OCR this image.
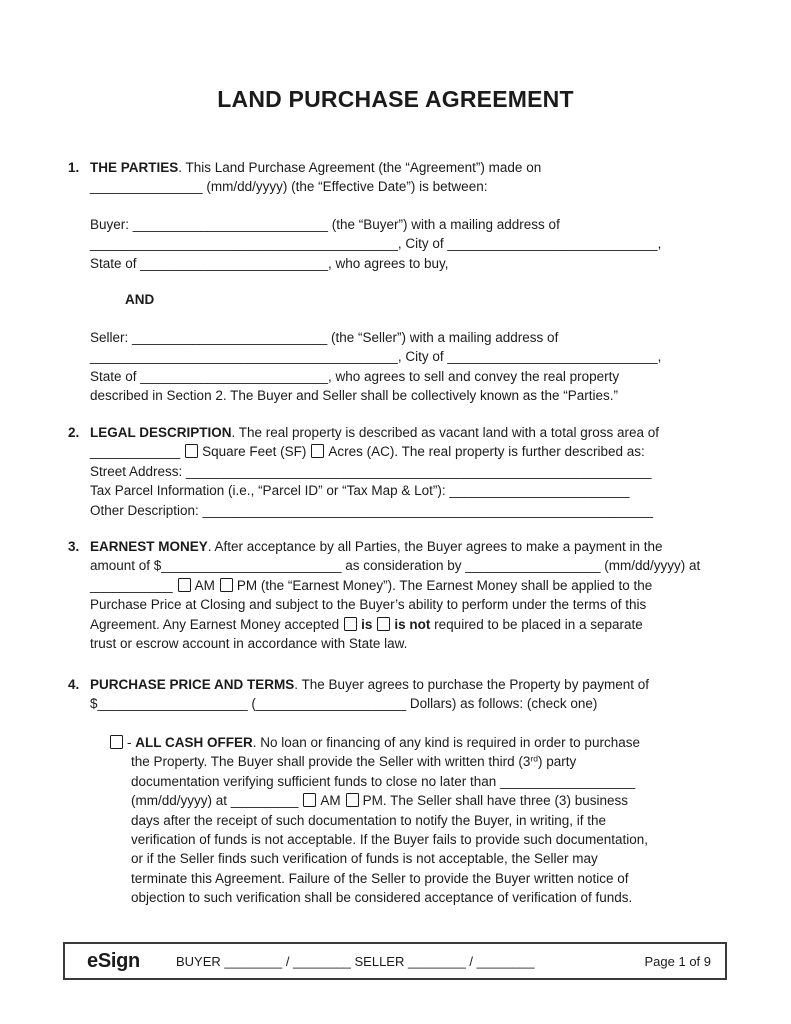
LAND PURCHASE AGREEMENT
1. THE PARTIES. This Land Purchase Agreement (the “Agreement”) made on
_______________ (mm/dd/yyyy) (the “Effective Date”) is between:
Buyer: __________________________ (the “Buyer”) with a mailing address of
_________________________________________, City of ____________________________,
State of _________________________, who agrees to buy,
AND
Seller: __________________________ (the “Seller”) with a mailing address of
_________________________________________, City of ____________________________,
State of _________________________, who agrees to sell and convey the real property
described in Section 2. The Buyer and Seller shall be collectively known as the “Parties.”
2. LEGAL DESCRIPTION. The real property is described as vacant land with a total gross area of
____________ Square Feet (SF) Acres (AC). The real property is further described as:
Street Address: ______________________________________________________________
Tax Parcel Information (i.e., “Parcel ID” or “Tax Map & Lot”): ________________________
Other Description: ____________________________________________________________
3. EARNEST MONEY. After acceptance by all Parties, the Buyer agrees to make a payment in the
amount of $________________________ as consideration by __________________ (mm/dd/yyyy) at
___________ AM PM (the “Earnest Money”). The Earnest Money shall be applied to the
Purchase Price at Closing and subject to the Buyer’s ability to perform under the terms of this
Agreement. Any Earnest Money accepted is is not required to be placed in a separate
trust or escrow account in accordance with State law.
4. PURCHASE PRICE AND TERMS. The Buyer agrees to purchase the Property by payment of
$____________________ (____________________ Dollars) as follows: (check one)
- ALL CASH OFFER. No loan or financing of any kind is required in order to purchase
the Property. The Buyer shall provide the Seller with written third (3rd) party
documentation verifying sufficient funds to close no later than __________________
(mm/dd/yyyy) at _________ AM PM. The Seller shall have three (3) business
days after the receipt of such documentation to notify the Buyer, in writing, if the
verification of funds is not acceptable. If the Buyer fails to provide such documentation,
or if the Seller finds such verification of funds is not acceptable, the Seller may
terminate this Agreement. Failure of the Seller to provide the Buyer written notice of
objection to such verification shall be considered acceptance of verification of funds.
eSign	BUYER ________ / ________ SELLER ________ / ________	Page 1 of 9
